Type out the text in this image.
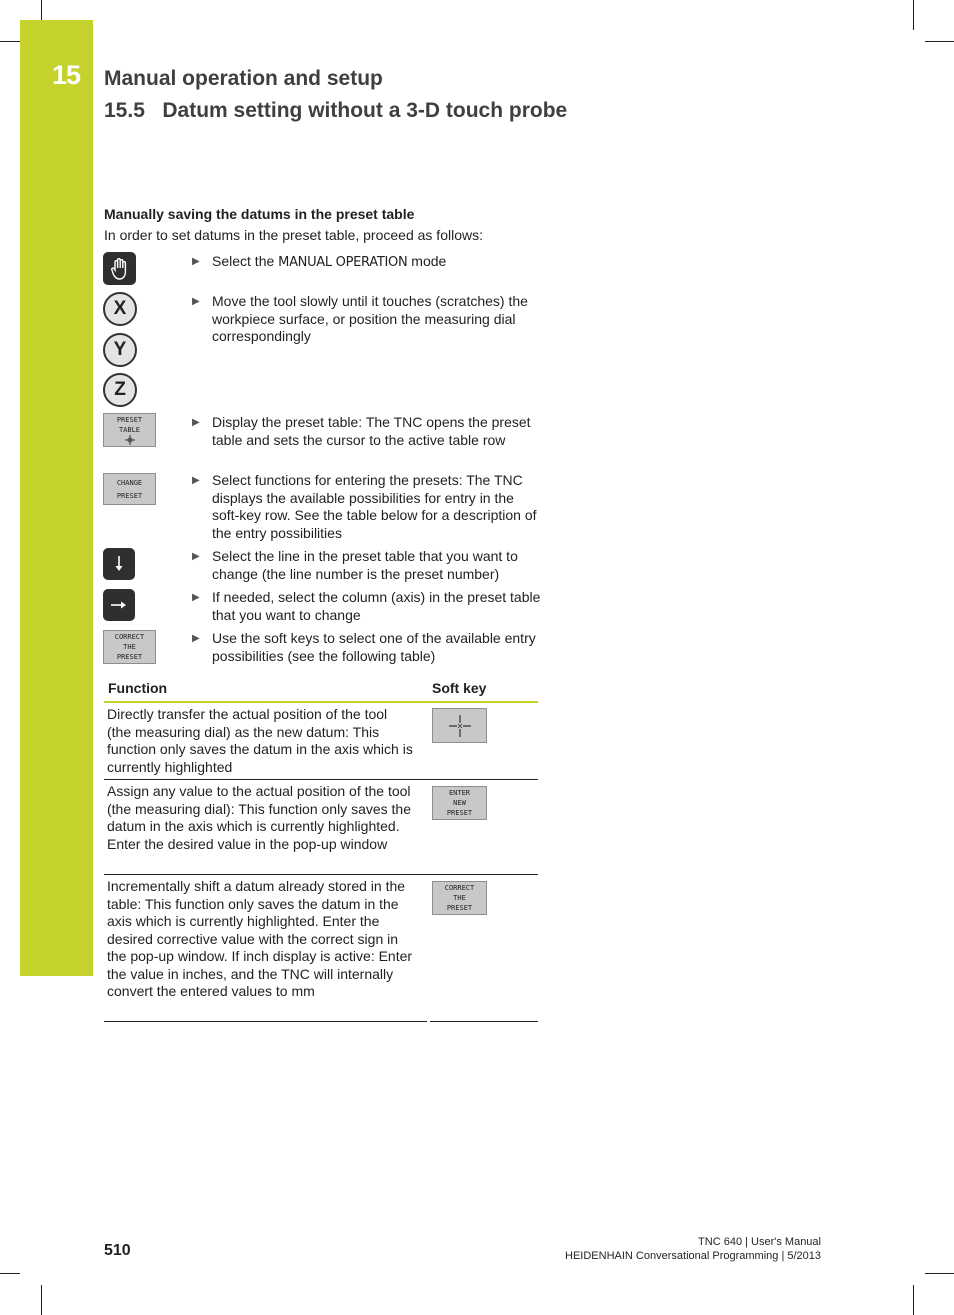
15 Manual operation and setup
15.5   Datum setting without a 3-D touch probe
Manually saving the datums in the preset table
In order to set datums in the preset table, proceed as follows:
▶ Select the MANUAL OPERATION mode
X
Y
Z
▶ Move the tool slowly until it touches (scratches) the workpiece surface, or position the measuring dial correspondingly
PRESET
TABLE
▶ Display the preset table: The TNC opens the preset table and sets the cursor to the active table row
CHANGE
PRESET
▶ Select functions for entering the presets: The TNC displays the available possibilities for entry in the soft-key row. See the table below for a description of the entry possibilities
▶ Select the line in the preset table that you want to change (the line number is the preset number)
▶ If needed, select the column (axis) in the preset table that you want to change
CORRECT
THE
PRESET
▶ Use the soft keys to select one of the available entry possibilities (see the following table)
Function	Soft key
Directly transfer the actual position of the tool (the measuring dial) as the new datum: This function only saves the datum in the axis which is currently highlighted
Assign any value to the actual position of the tool (the measuring dial): This function only saves the datum in the axis which is currently highlighted. Enter the desired value in the pop-up window
ENTER
NEW
PRESET
Incrementally shift a datum already stored in the table: This function only saves the datum in the axis which is currently highlighted. Enter the desired corrective value with the correct sign in the pop-up window. If inch display is active: Enter the value in inches, and the TNC will internally convert the entered values to mm
CORRECT
THE
PRESET
510	TNC 640 | User's Manual
HEIDENHAIN Conversational Programming | 5/2013
